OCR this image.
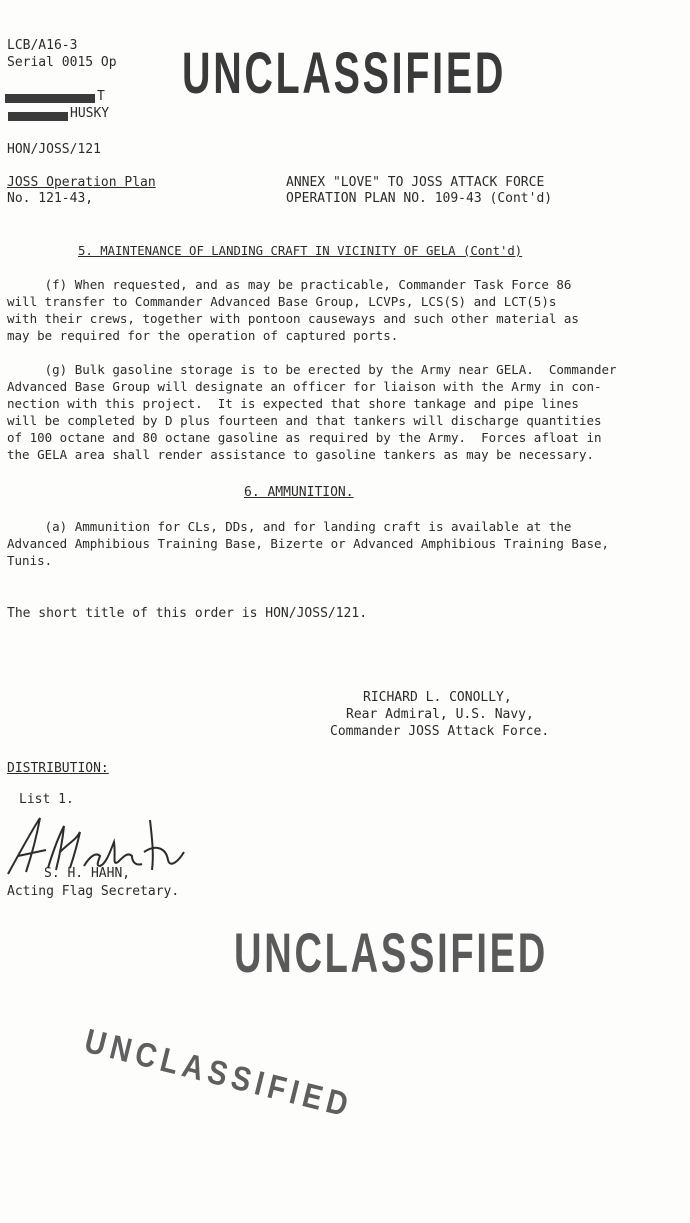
LCB/A16-3
Serial 0015 Op
T
HUSKY
HON/JOSS/121
UNCLASSIFIED
JOSS Operation Plan
No. 121-43,
ANNEX "LOVE" TO JOSS ATTACK FORCE
OPERATION PLAN NO. 109-43 (Cont'd)
5. MAINTENANCE OF LANDING CRAFT IN VICINITY OF GELA (Cont'd)
(f) When requested, and as may be practicable, Commander Task Force 86
will transfer to Commander Advanced Base Group, LCVPs, LCS(S) and LCT(5)s
with their crews, together with pontoon causeways and such other material as
may be required for the operation of captured ports.
(g) Bulk gasoline storage is to be erected by the Army near GELA.  Commander
Advanced Base Group will designate an officer for liaison with the Army in con-
nection with this project.  It is expected that shore tankage and pipe lines
will be completed by D plus fourteen and that tankers will discharge quantities
of 100 octane and 80 octane gasoline as required by the Army.  Forces afloat in
the GELA area shall render assistance to gasoline tankers as may be necessary.
6. AMMUNITION.
(a) Ammunition for CLs, DDs, and for landing craft is available at the
Advanced Amphibious Training Base, Bizerte or Advanced Amphibious Training Base,
Tunis.
The short title of this order is HON/JOSS/121.
RICHARD L. CONOLLY,
Rear Admiral, U.S. Navy,
Commander JOSS Attack Force.
DISTRIBUTION:
List 1.
S. H. HAHN,
Acting Flag Secretary.
UNCLASSIFIED
UNCLASSIFIED
